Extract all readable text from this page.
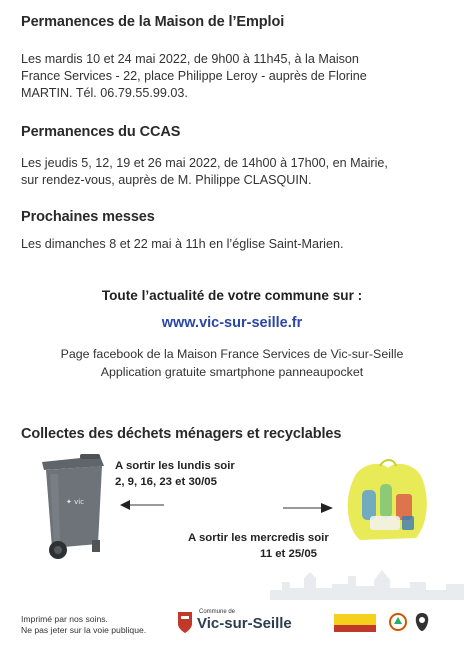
Permanences de la Maison de l’Emploi
Les mardis 10 et 24 mai 2022, de 9h00 à 11h45, à la Maison
France Services - 22, place Philippe Leroy - auprès de Florine
MARTIN. Tél. 06.79.55.99.03.
Permanences du CCAS
Les jeudis 5, 12, 19 et 26 mai 2022, de 14h00 à 17h00, en Mairie,
sur rendez-vous, auprès de M. Philippe CLASQUIN.
Prochaines messes
Les dimanches 8 et 22 mai à 11h en l’église Saint-Marien.
Toute l’actualité de votre commune sur :
www.vic-sur-seille.fr
Page facebook de la Maison France Services de Vic-sur-Seille
Application gratuite smartphone panneaupocket
Collectes des déchets ménagers et recyclables
✦ vic
A sortir les lundis soir
2, 9, 16, 23 et 30/05
A sortir les mercredis soir
11 et 25/05
Imprimé par nos soins.
Ne pas jeter sur la voie publique.
Commune de
Vic-sur-Seille
